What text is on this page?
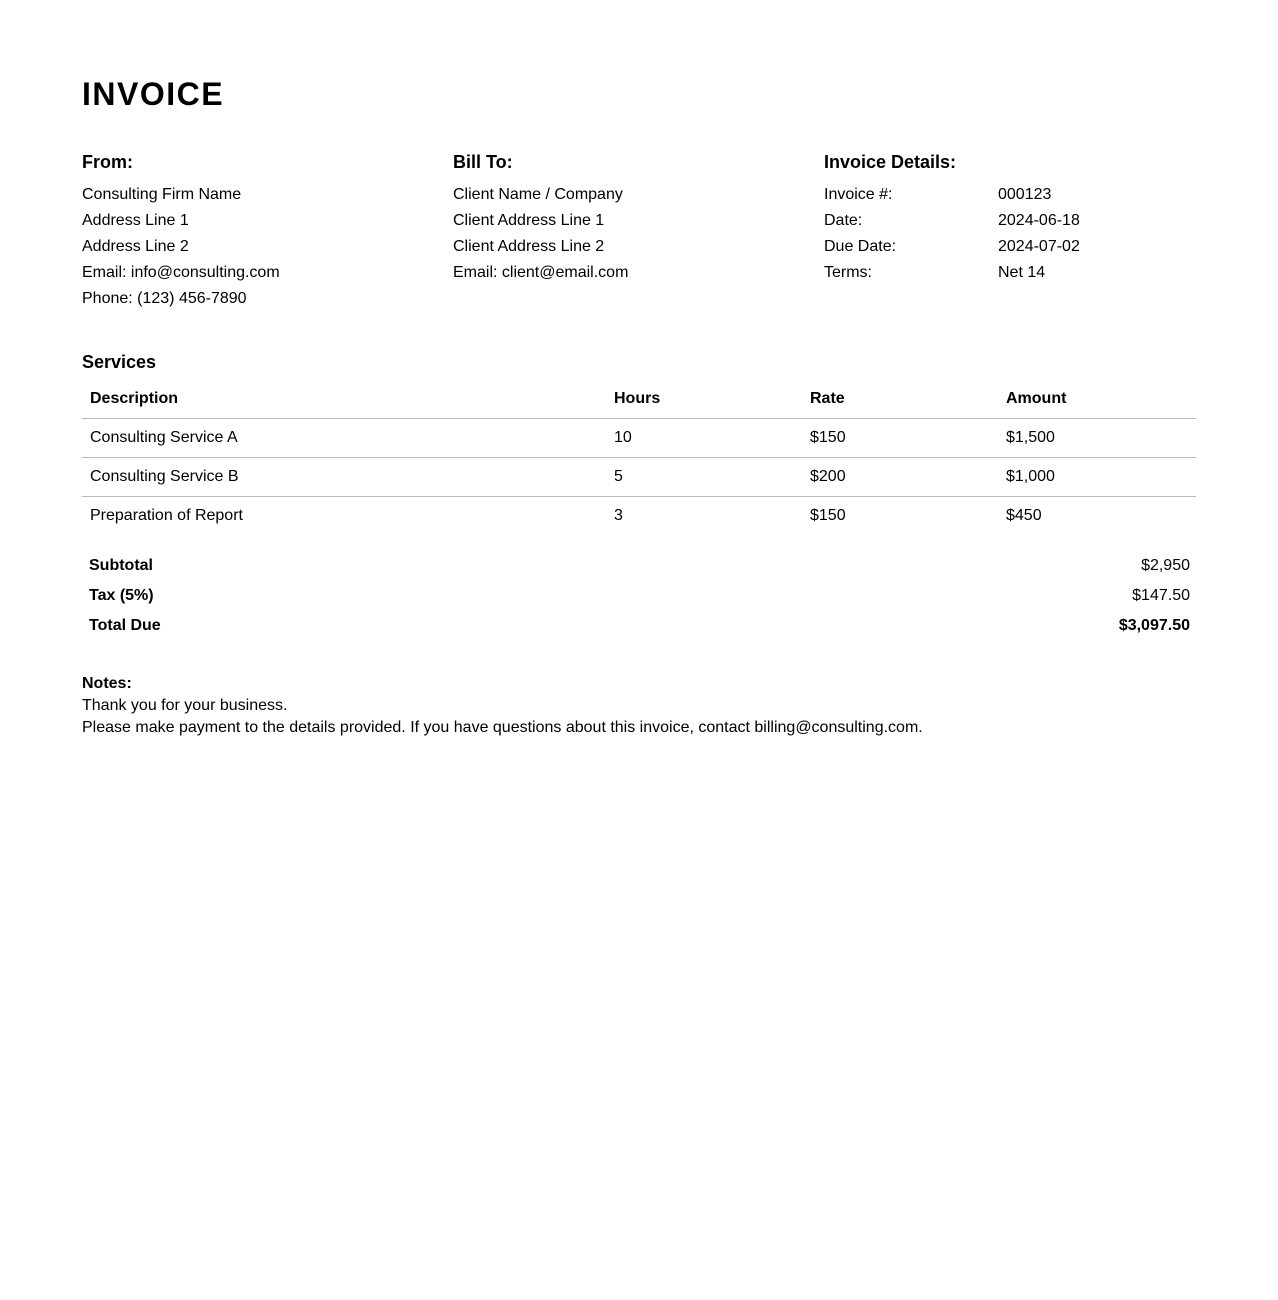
INVOICE
From:
Consulting Firm Name
Address Line 1
Address Line 2
Email: info@consulting.com
Phone: (123) 456-7890
Bill To:
Client Name / Company
Client Address Line 1
Client Address Line 2
Email: client@email.com
Invoice Details:
Invoice #:	000123
Date:	2024-06-18
Due Date:	2024-07-02
Terms:	Net 14
Services
Description	Hours	Rate	Amount
Consulting Service A	10	$150	$1,500
Consulting Service B	5	$200	$1,000
Preparation of Report	3	$150	$450
Subtotal	$2,950
Tax (5%)	$147.50
Total Due	$3,097.50
Notes:
Thank you for your business.
Please make payment to the details provided. If you have questions about this invoice, contact billing@consulting.com.
